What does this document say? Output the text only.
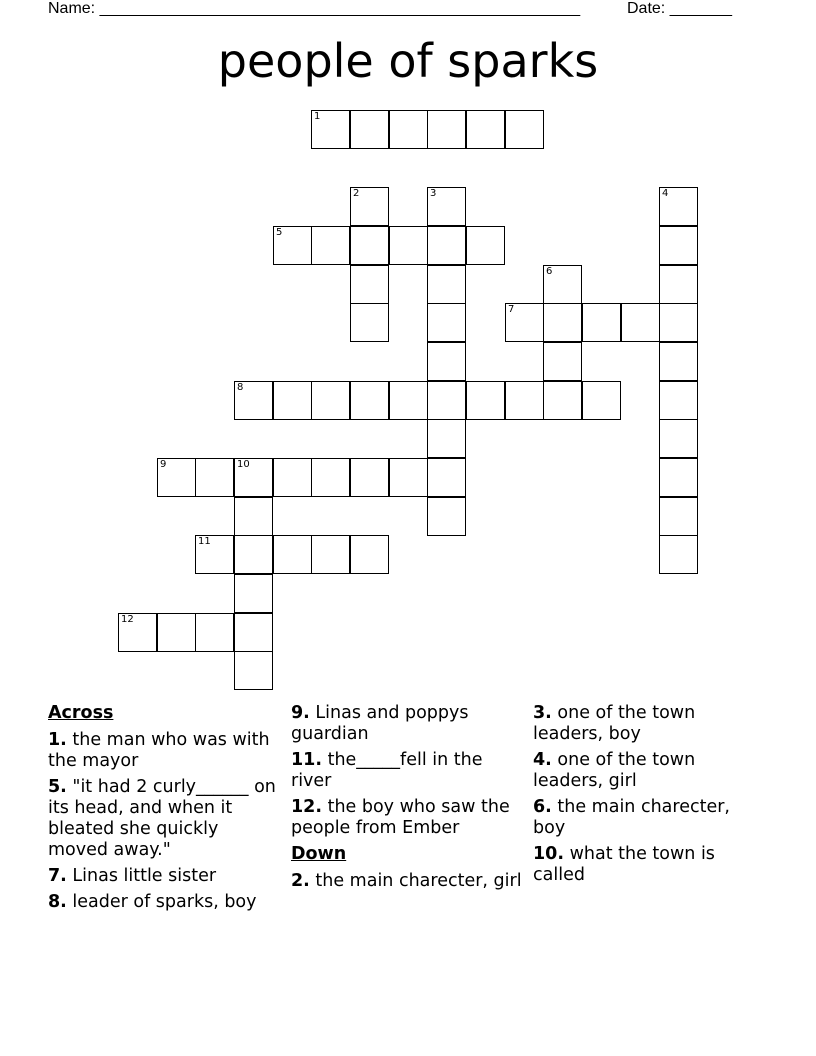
Name: ______________________________________________________	Date: _______
people of sparks
1
2	3	4
5
6
7
8
9	10
11
12
Across
1. the man who was with the mayor
5. "it had 2 curly______ on its head, and when it bleated she quickly moved away."
7. Linas little sister
8. leader of sparks, boy
9. Linas and poppys guardian
11. the_____fell in the river
12. the boy who saw the people from Ember
Down
2. the main charecter, girl
3. one of the town leaders, boy
4. one of the town leaders, girl
6. the main charecter, boy
10. what the town is called
